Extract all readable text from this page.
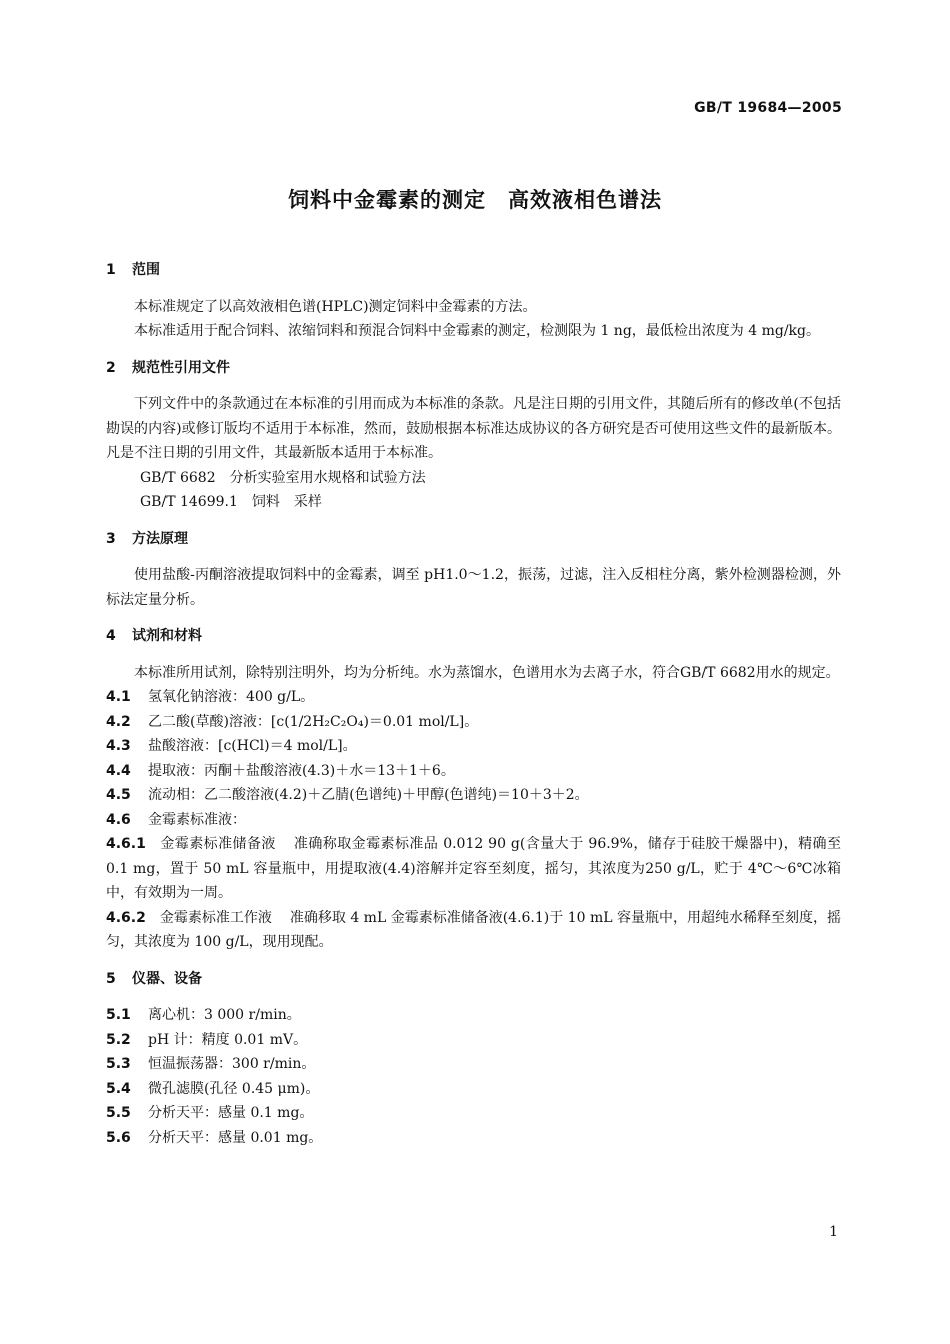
GB/T 19684—2005
饲料中金霉素的测定　高效液相色谱法
1 范围

本标准规定了以高效液相色谱(HPLC)测定饲料中金霉素的方法。

本标准适用于配合饲料、浓缩饲料和预混合饲料中金霉素的测定，检测限为 1 ng，最低检出浓度为 4 mg/kg。

2 规范性引用文件

下列文件中的条款通过在本标准的引用而成为本标准的条款。凡是注日期的引用文件，其随后所有的修改单(不包括勘误的内容)或修订版均不适用于本标准，然而，鼓励根据本标准达成协议的各方研究是否可使用这些文件的最新版本。凡是不注日期的引用文件，其最新版本适用于本标准。

GB/T 6682　分析实验室用水规格和试验方法
GB/T 14699.1　饲料　采样
3 方法原理

使用盐酸-丙酮溶液提取饲料中的金霉素，调至 pH1.0～1.2，振荡，过滤，注入反相柱分离，紫外检测器检测，外标法定量分析。

4 试剂和材料

本标准所用试剂，除特别注明外，均为分析纯。水为蒸馏水，色谱用水为去离子水，符合GB/T 6682用水的规定。

4.1 氢氧化钠溶液：400 g/L。
4.2 乙二酸(草酸)溶液：[c(1/2H₂C₂O₄)＝0.01 mol/L]。
4.3 盐酸溶液：[c(HCl)＝4 mol/L]。
4.4 提取液：丙酮＋盐酸溶液(4.3)＋水＝13＋1＋6。
4.5 流动相：乙二酸溶液(4.2)＋乙腈(色谱纯)＋甲醇(色谱纯)＝10＋3＋2。
4.6 金霉素标准液：

4.6.1 金霉素标准储备液 准确称取金霉素标准品 0.012 90 g(含量大于 96.9%，储存于硅胶干燥器中)，精确至 0.1 mg，置于 50 mL 容量瓶中，用提取液(4.4)溶解并定容至刻度，摇匀，其浓度为250 g/L，贮于 4℃～6℃冰箱中，有效期为一周。

4.6.2 金霉素标准工作液 准确移取 4 mL 金霉素标准储备液(4.6.1)于 10 mL 容量瓶中，用超纯水稀释至刻度，摇匀，其浓度为 100 g/L，现用现配。

5 仪器、设备
5.1 离心机：3 000 r/min。
5.2 pH 计：精度 0.01 mV。
5.3 恒温振荡器：300 r/min。
5.4 微孔滤膜(孔径 0.45 μm)。
5.5 分析天平：感量 0.1 mg。
5.6 分析天平：感量 0.01 mg。
1
